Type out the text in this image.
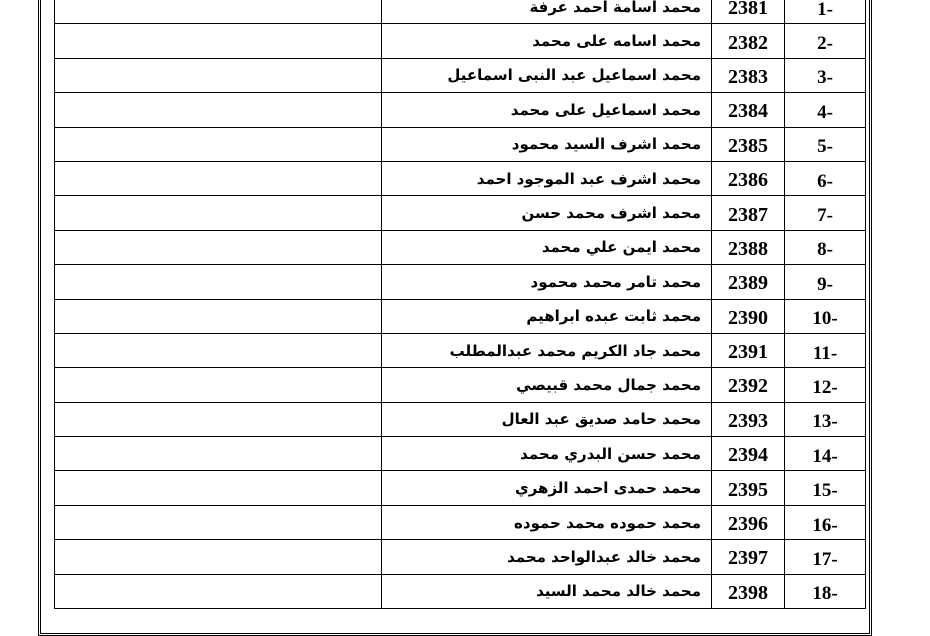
-1	2381	محمد اسامة احمد عرفة	
-2	2382	محمد اسامه على محمد	
-3	2383	محمد اسماعيل عبد النبى اسماعيل	
-4	2384	محمد اسماعيل على محمد	
-5	2385	محمد اشرف السيد محمود	
-6	2386	محمد اشرف عبد الموجود احمد	
-7	2387	محمد اشرف محمد حسن	
-8	2388	محمد ايمن علي محمد	
-9	2389	محمد تامر محمد محمود	
-10	2390	محمد ثابت عبده ابراهيم	
-11	2391	محمد جاد الكريم محمد عبدالمطلب	
-12	2392	محمد جمال محمد قبيصي	
-13	2393	محمد حامد صديق عبد العال	
-14	2394	محمد حسن البدري محمد	
-15	2395	محمد حمدى احمد الزهري	
-16	2396	محمد حموده محمد حموده	
-17	2397	محمد خالد عبدالواحد محمد	
-18	2398	محمد خالد محمد السيد	
